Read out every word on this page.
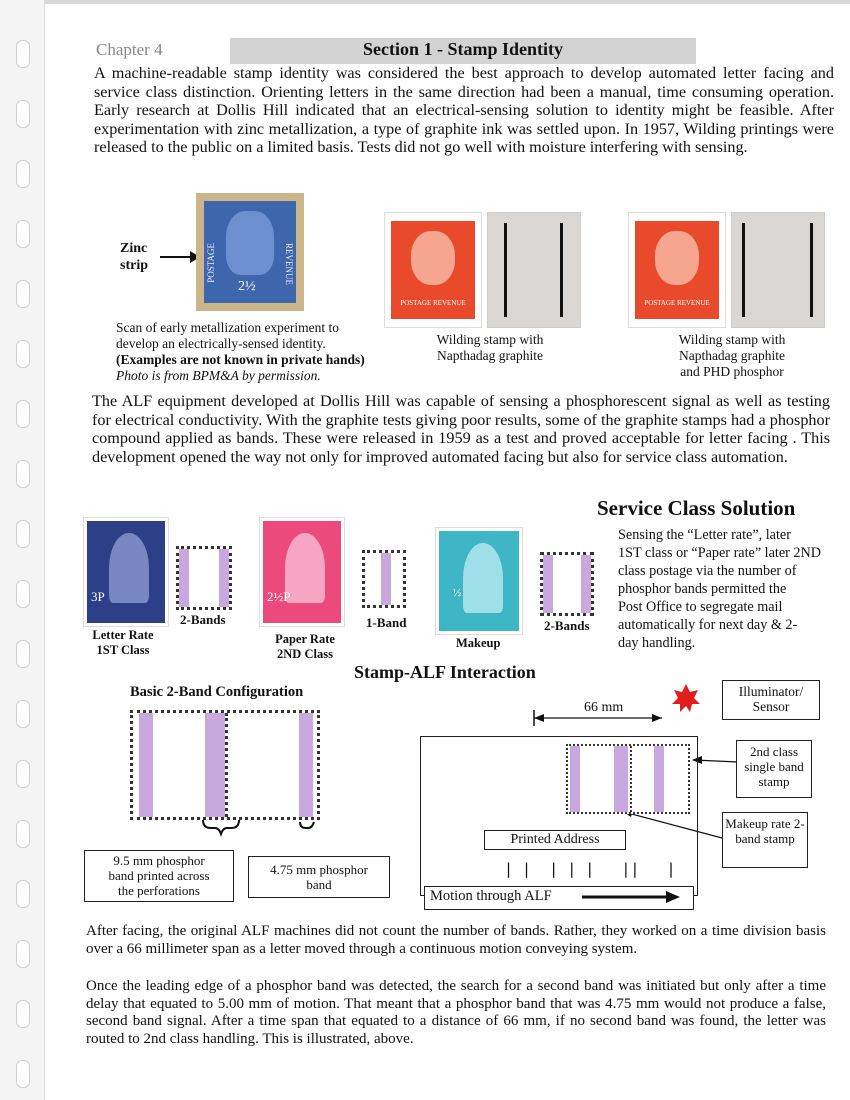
Chapter 4	Section 1 - Stamp Identity
A machine-readable stamp identity was considered the best approach to develop automated letter facing and service class distinction. Orienting letters in the same direction had been a manual, time consuming operation. Early research at Dollis Hill indicated that an electrical-sensing solution to identity might be feasible. After experimentation with zinc metallization, a type of graphite ink was settled upon. In 1957, Wilding printings were released to the public on a limited basis. Tests did not go well with moisture interfering with sensing.
Zinc
strip	POSTAGE	REVENUE
2½
Scan of early metallization experiment to
develop an electrically-sensed identity.
(Examples are not known in private hands)
Photo is from BPM&A by permission.
POSTAGE REVENUE
Wilding stamp with
Napthadag graphite
POSTAGE REVENUE
Wilding stamp with
Napthadag graphite
and PHD phosphor
The ALF equipment developed at Dollis Hill was capable of sensing a phosphorescent signal as well as testing for electrical conductivity. With the graphite tests giving poor results, some of the graphite stamps had a phosphor compound applied as bands. These were released in 1959 as a test and proved acceptable for letter facing . This development opened the way not only for improved automated facing but also for service class automation.
Service Class Solution
Sensing the “Letter rate”, later
1ST class or “Paper rate” later 2ND
class postage via the number of
phosphor bands permitted the
Post Office to segregate mail
automatically for next day & 2-
day handling.
3P
2-Bands
Letter Rate
1ST Class
2½P
1-Band
Paper Rate
2ND Class
½
2-Bands
Makeup
Stamp-ALF Interaction
Basic 2-Band Configuration
9.5 mm phosphor
band printed across
the perforations
4.75 mm phosphor
band
66 mm
Illuminator/ Sensor
2nd class single band stamp
Makeup rate 2-band stamp
Printed Address
| |  | | |   ||   |
Motion through ALF
After facing, the original ALF machines did not count the number of bands. Rather, they worked on a time division basis over a 66 millimeter span as a letter moved through a continuous motion conveying system.
Once the leading edge of a phosphor band was detected, the search for a second band was initiated but only after a time delay that equated to 5.00 mm of motion. That meant that a phosphor band that was 4.75 mm would not produce a false, second band signal. After a time span that equated to a distance of 66 mm, if no second band was found, the letter was routed to 2nd class handling. This is illustrated, above.
